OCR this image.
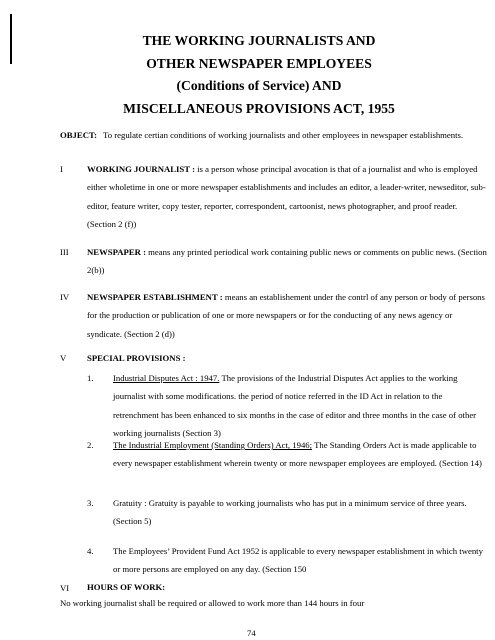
THE WORKING JOURNALISTS AND
OTHER NEWSPAPER EMPLOYEES
(Conditions of Service) AND
MISCELLANEOUS PROVISIONS ACT, 1955
OBJECT: To regulate certian conditions of working journalists and other employees in newspaper establishments.
I	WORKING JOURNALIST : is a person whose principal avocation is that of a journalist and who is employed either wholetime in one or more newspaper establishments and includes an editor, a leader-writer, newseditor, sub-editor, feature writer, copy tester, reporter, correspondent, cartoonist, news photographer, and proof reader. (Section 2 (f))
III NEWSPAPER : means any printed periodical work containing public news or comments on public news. (Section 2(b))
IV NEWSPAPER ESTABLISHMENT : means an establishement under the contrl of any person or body of persons for the production or publication of one or more newspapers or for the conducting of any news agency or syndicate. (Section 2 (d))
V SPECIAL PROVISIONS :
1. Industrial Disputes Act : 1947. The provisions of the Industrial Disputes Act applies to the working journalist with some modifications. the period of notice referred in the ID Act in relation to the retrenchment has been enhanced to six months in the case of editor and three months in the case of other working journalists (Section 3)
2. The Industrial Employment (Standing Orders) Act, 1946; The Standing Orders Act is made applicable to every newspaper establishment wherein twenty or more newspaper employees are employed. (Section 14)
3. Gratuity : Gratuity is payable to working journalists who has put in a minimum service of three years. (Section 5)
4. The Employees’ Provident Fund Act 1952 is applicable to every newspaper establishment in which twenty or more persons are employed on any day. (Section 150
VI	HOURS OF WORK:
No working journalist shall be required or allowed to work more than 144 hours in four
74
